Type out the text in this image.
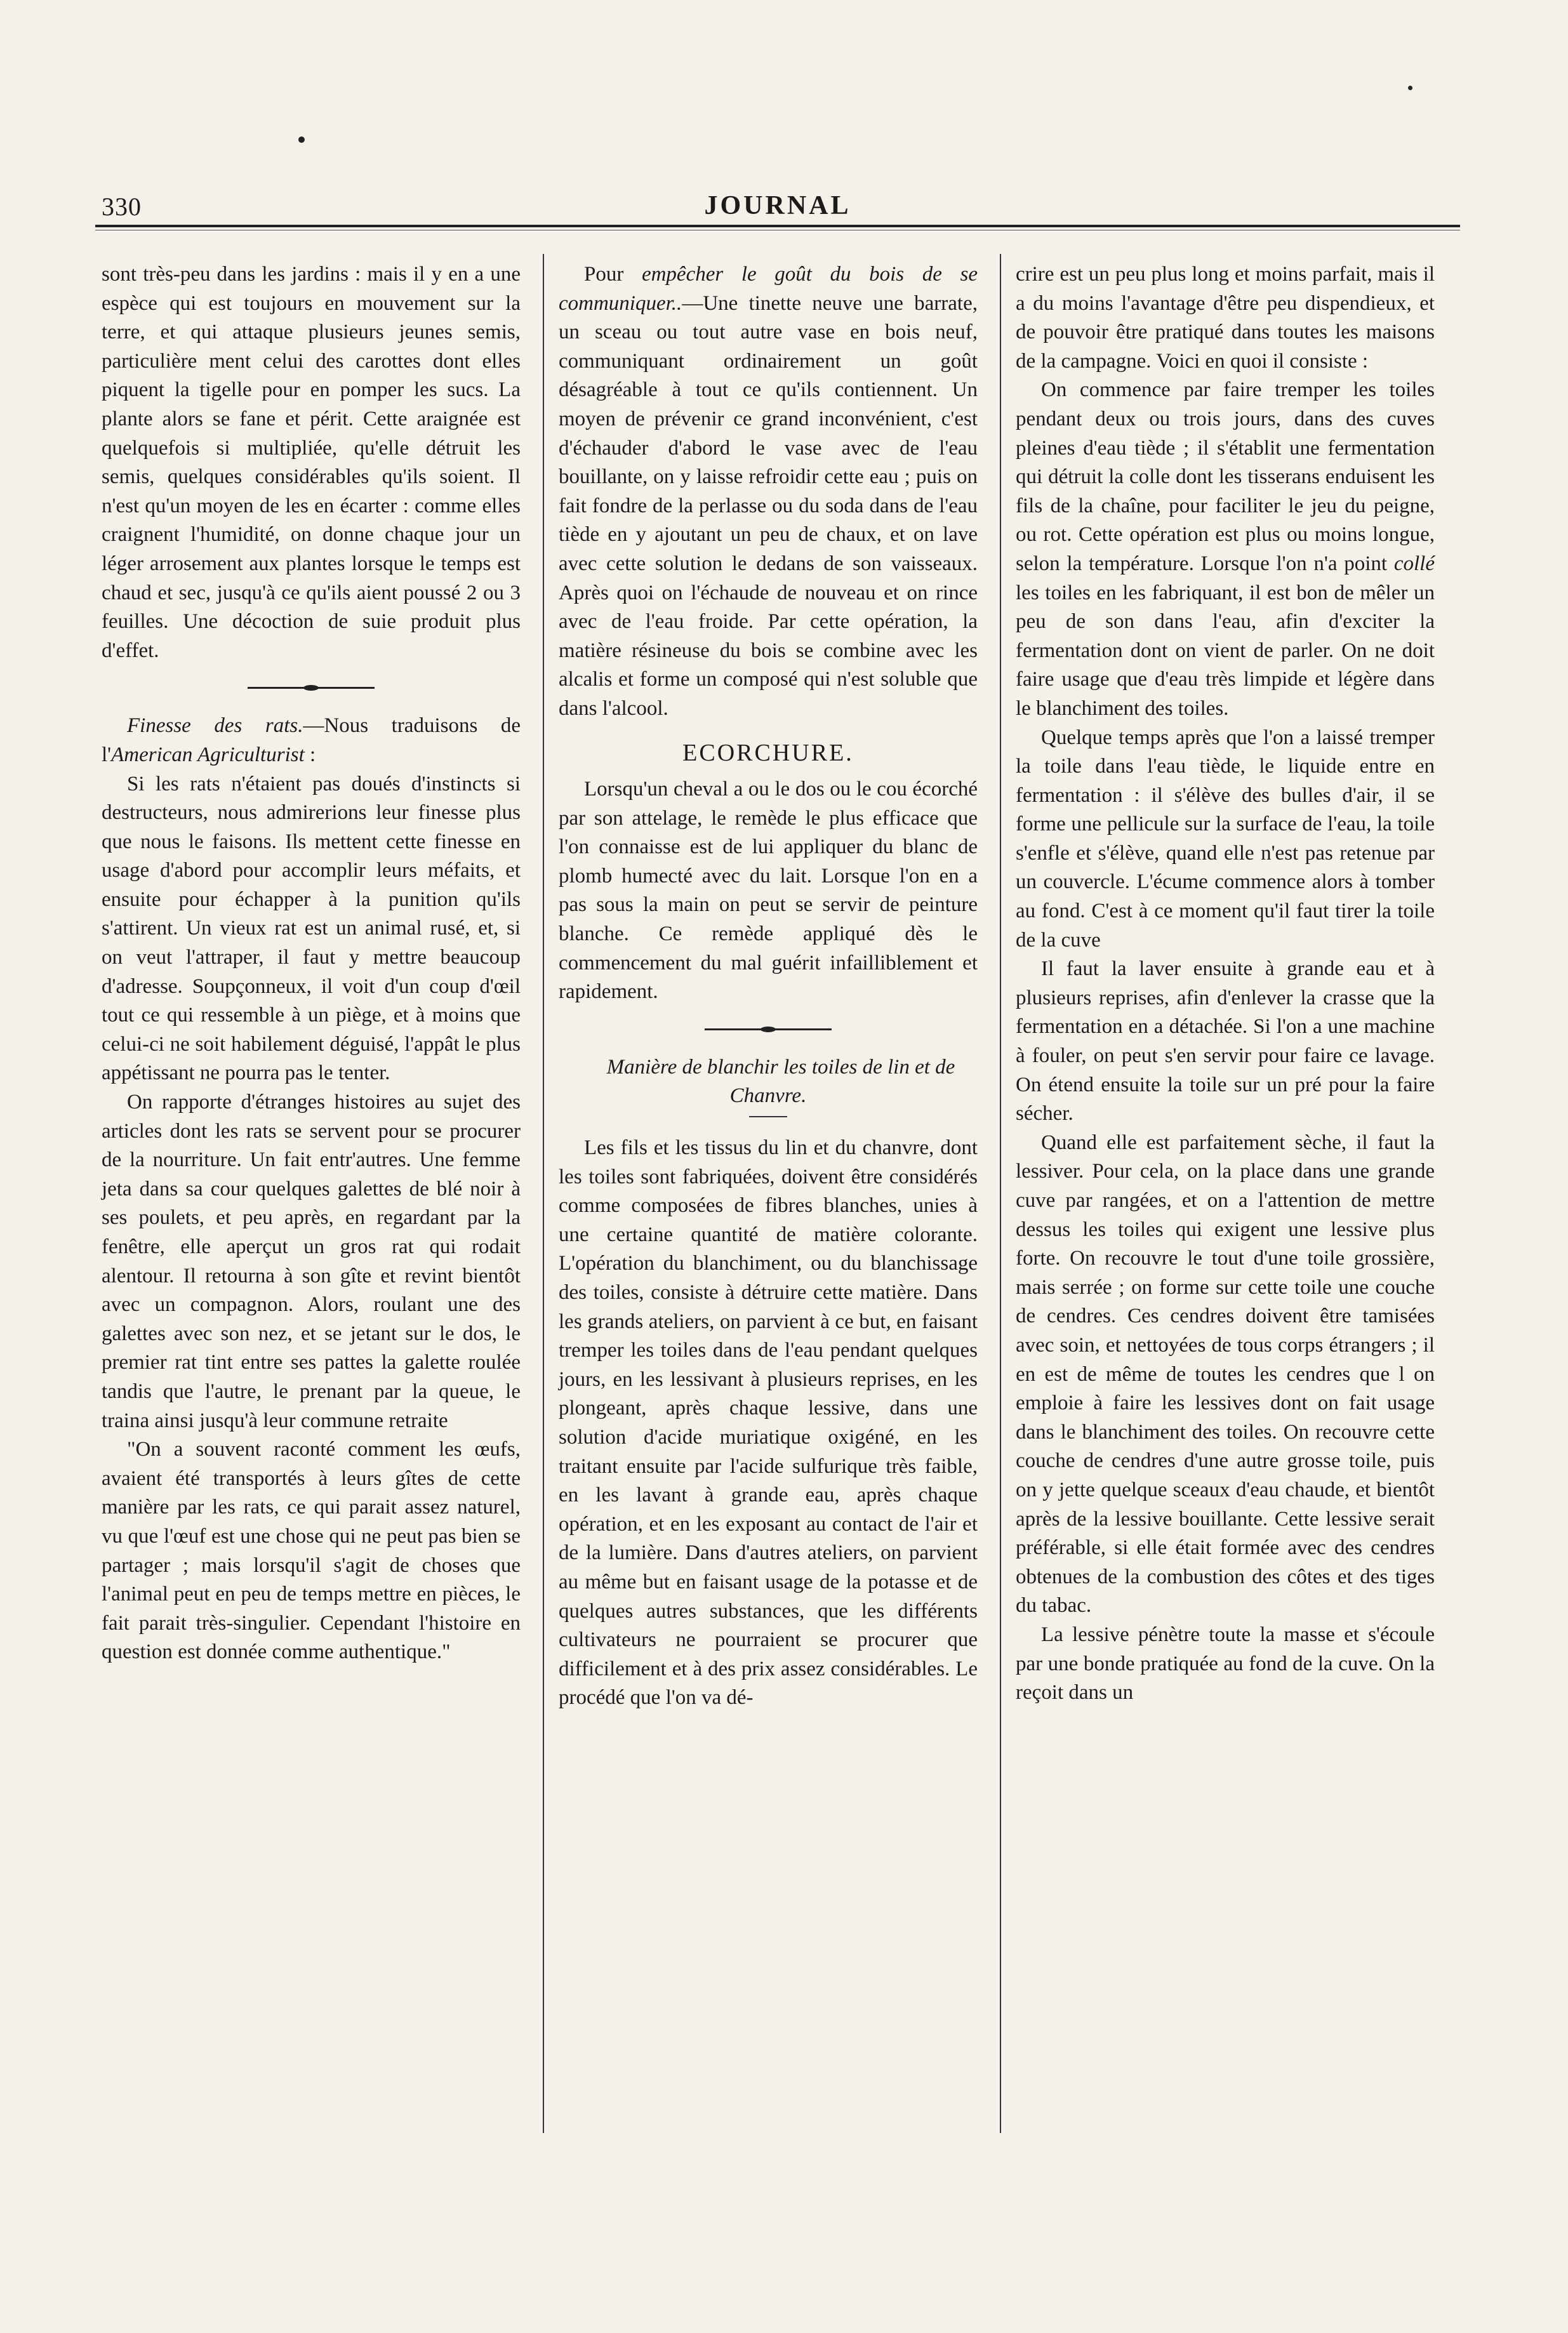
330	JOURNAL

sont très-peu dans les jardins : mais il y en a une espèce qui est toujours en mouvement sur la terre, et qui attaque plusieurs jeunes semis, particulière ment celui des carottes dont elles piquent la tigelle pour en pomper les sucs. La plante alors se fane et périt. Cette araignée est quelquefois si multipliée, qu'elle détruit les semis, quelques considérables qu'ils soient. Il n'est qu'un moyen de les en écarter : comme elles craignent l'humidité, on donne chaque jour un léger arrosement aux plantes lorsque le temps est chaud et sec, jusqu'à ce qu'ils aient poussé 2 ou 3 feuilles. Une décoction de suie produit plus d'effet.

Finesse des rats.—Nous traduisons de l'American Agriculturist :

Si les rats n'étaient pas doués d'instincts si destructeurs, nous admirerions leur finesse plus que nous le faisons. Ils mettent cette finesse en usage d'abord pour accomplir leurs méfaits, et ensuite pour échapper à la punition qu'ils s'attirent. Un vieux rat est un animal rusé, et, si on veut l'attraper, il faut y mettre beaucoup d'adresse. Soupçonneux, il voit d'un coup d'œil tout ce qui ressemble à un piège, et à moins que celui-ci ne soit habilement déguisé, l'appât le plus appétissant ne pourra pas le tenter.

On rapporte d'étranges histoires au sujet des articles dont les rats se servent pour se procurer de la nourriture. Un fait entr'autres. Une femme jeta dans sa cour quelques galettes de blé noir à ses poulets, et peu après, en regardant par la fenêtre, elle aperçut un gros rat qui rodait alentour. Il retourna à son gîte et revint bientôt avec un compagnon. Alors, roulant une des galettes avec son nez, et se jetant sur le dos, le premier rat tint entre ses pattes la galette roulée tandis que l'autre, le prenant par la queue, le traina ainsi jusqu'à leur commune retraite

"On a souvent raconté comment les œufs, avaient été transportés à leurs gîtes de cette manière par les rats, ce qui parait assez naturel, vu que l'œuf est une chose qui ne peut pas bien se partager ; mais lorsqu'il s'agit de choses que l'animal peut en peu de temps mettre en pièces, le fait parait très-singulier. Cependant l'histoire en question est donnée comme authentique."

Pour empêcher le goût du bois de se communiquer..—Une tinette neuve une barrate, un sceau ou tout autre vase en bois neuf, communiquant ordinairement un goût désagréable à tout ce qu'ils contiennent. Un moyen de prévenir ce grand inconvénient, c'est d'échauder d'abord le vase avec de l'eau bouillante, on y laisse refroidir cette eau ; puis on fait fondre de la perlasse ou du soda dans de l'eau tiède en y ajoutant un peu de chaux, et on lave avec cette solution le dedans de son vaisseaux. Après quoi on l'échaude de nouveau et on rince avec de l'eau froide. Par cette opération, la matière résineuse du bois se combine avec les alcalis et forme un composé qui n'est soluble que dans l'alcool.

ECORCHURE.

Lorsqu'un cheval a ou le dos ou le cou écorché par son attelage, le remède le plus efficace que l'on connaisse est de lui appliquer du blanc de plomb humecté avec du lait. Lorsque l'on en a pas sous la main on peut se servir de peinture blanche. Ce remède appliqué dès le commencement du mal guérit infailliblement et rapidement.

Manière de blanchir les toiles de lin et de Chanvre.

Les fils et les tissus du lin et du chanvre, dont les toiles sont fabriquées, doivent être considérés comme composées de fibres blanches, unies à une certaine quantité de matière colorante. L'opération du blanchiment, ou du blanchissage des toiles, consiste à détruire cette matière. Dans les grands ateliers, on parvient à ce but, en faisant tremper les toiles dans de l'eau pendant quelques jours, en les lessivant à plusieurs reprises, en les plongeant, après chaque lessive, dans une solution d'acide muriatique oxigéné, en les traitant ensuite par l'acide sulfurique très faible, en les lavant à grande eau, après chaque opération, et en les exposant au contact de l'air et de la lumière. Dans d'autres ateliers, on parvient au même but en faisant usage de la potasse et de quelques autres substances, que les différents cultivateurs ne pourraient se procurer que difficilement et à des prix assez considérables. Le procédé que l'on va dé-

crire est un peu plus long et moins parfait, mais il a du moins l'avantage d'être peu dispendieux, et de pouvoir être pratiqué dans toutes les maisons de la campagne. Voici en quoi il consiste :

On commence par faire tremper les toiles pendant deux ou trois jours, dans des cuves pleines d'eau tiède ; il s'établit une fermentation qui détruit la colle dont les tisserans enduisent les fils de la chaîne, pour faciliter le jeu du peigne, ou rot. Cette opération est plus ou moins longue, selon la température. Lorsque l'on n'a point collé les toiles en les fabriquant, il est bon de mêler un peu de son dans l'eau, afin d'exciter la fermentation dont on vient de parler. On ne doit faire usage que d'eau très limpide et légère dans le blanchiment des toiles.

Quelque temps après que l'on a laissé tremper la toile dans l'eau tiède, le liquide entre en fermentation : il s'élève des bulles d'air, il se forme une pellicule sur la surface de l'eau, la toile s'enfle et s'élève, quand elle n'est pas retenue par un couvercle. L'écume commence alors à tomber au fond. C'est à ce moment qu'il faut tirer la toile de la cuve

Il faut la laver ensuite à grande eau et à plusieurs reprises, afin d'enlever la crasse que la fermentation en a détachée. Si l'on a une machine à fouler, on peut s'en servir pour faire ce lavage. On étend ensuite la toile sur un pré pour la faire sécher.

Quand elle est parfaitement sèche, il faut la lessiver. Pour cela, on la place dans une grande cuve par rangées, et on a l'attention de mettre dessus les toiles qui exigent une lessive plus forte. On recouvre le tout d'une toile grossière, mais serrée ; on forme sur cette toile une couche de cendres. Ces cendres doivent être tamisées avec soin, et nettoyées de tous corps étrangers ; il en est de même de toutes les cendres que l on emploie à faire les lessives dont on fait usage dans le blanchiment des toiles. On recouvre cette couche de cendres d'une autre grosse toile, puis on y jette quelque sceaux d'eau chaude, et bientôt après de la lessive bouillante. Cette lessive serait préférable, si elle était formée avec des cendres obtenues de la combustion des côtes et des tiges du tabac.

La lessive pénètre toute la masse et s'écoule par une bonde pratiquée au fond de la cuve. On la reçoit dans un
